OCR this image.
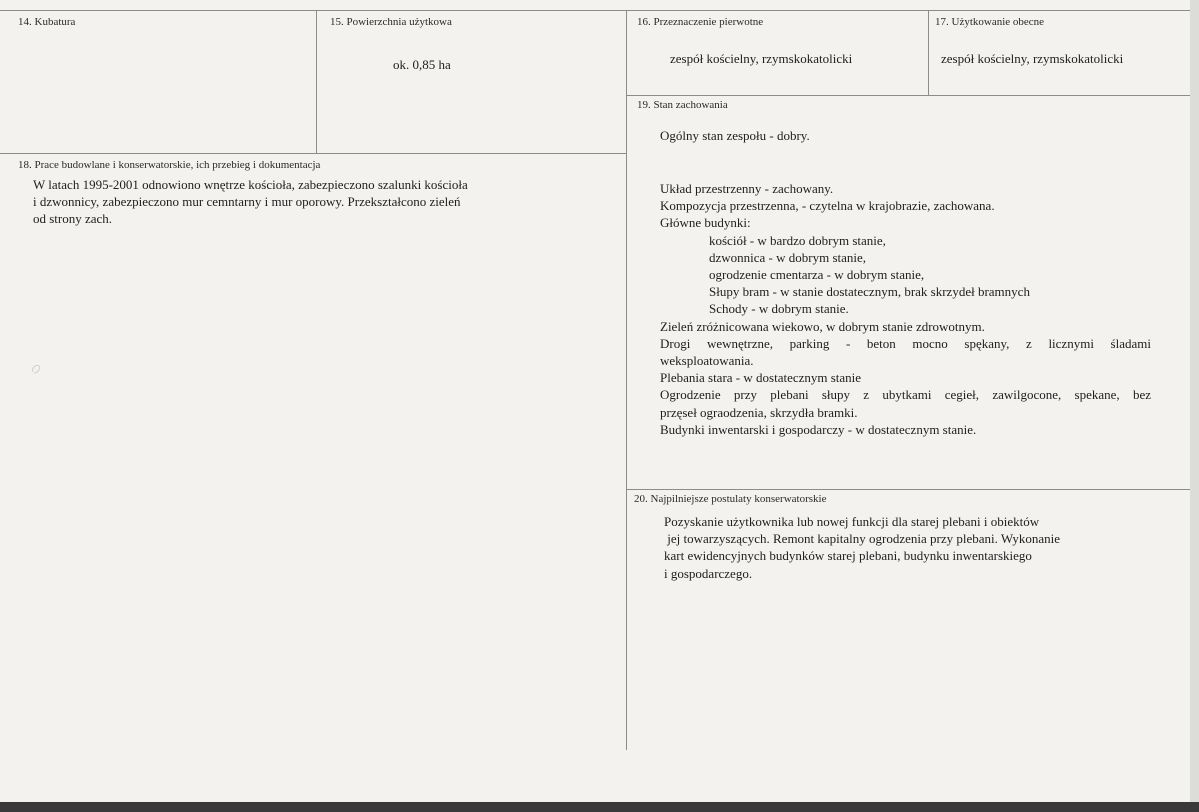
14. Kubatura	15. Powierzchnia użytkowa
ok. 0,85 ha
16. Przeznaczenie pierwotne
zespół kościelny, rzymskokatolicki
17. Użytkowanie obecne
zespół kościelny, rzymskokatolicki
18. Prace budowlane i konserwatorskie, ich przebieg i dokumentacja
W latach 1995-2001 odnowiono wnętrze kościoła, zabezpieczono szalunki kościoła
i dzwonnicy, zabezpieczono mur cemntarny i mur oporowy. Przekształcono zieleń
od strony zach.
19. Stan zachowania
Ogólny stan zespołu - dobry.
Układ przestrzenny - zachowany.
Kompozycja przestrzenna, - czytelna w krajobrazie, zachowana.
Główne budynki:
kościół - w bardzo dobrym stanie,
dzwonnica - w dobrym stanie,
ogrodzenie cmentarza - w dobrym stanie,
Słupy bram - w stanie dostatecznym, brak skrzydeł bramnych
Schody - w dobrym stanie.
Zieleń zróżnicowana wiekowo, w dobrym stanie zdrowotnym.
Drogi wewnętrzne, parking - beton mocno spękany, z licznymi śladami
weksploatowania.
Plebania stara - w dostatecznym stanie
Ogrodzenie przy plebani słupy z ubytkami cegieł, zawilgocone, spekane, bez
przęseł ograodzenia, skrzydła bramki.
Budynki inwentarski i gospodarczy - w dostatecznym stanie.
20. Najpilniejsze postulaty konserwatorskie
Pozyskanie użytkownika lub nowej funkcji dla starej plebani i obiektów
jej towarzyszących. Remont kapitalny ogrodzenia przy plebani. Wykonanie
kart ewidencyjnych budynków starej plebani, budynku inwentarskiego
i gospodarczego.
